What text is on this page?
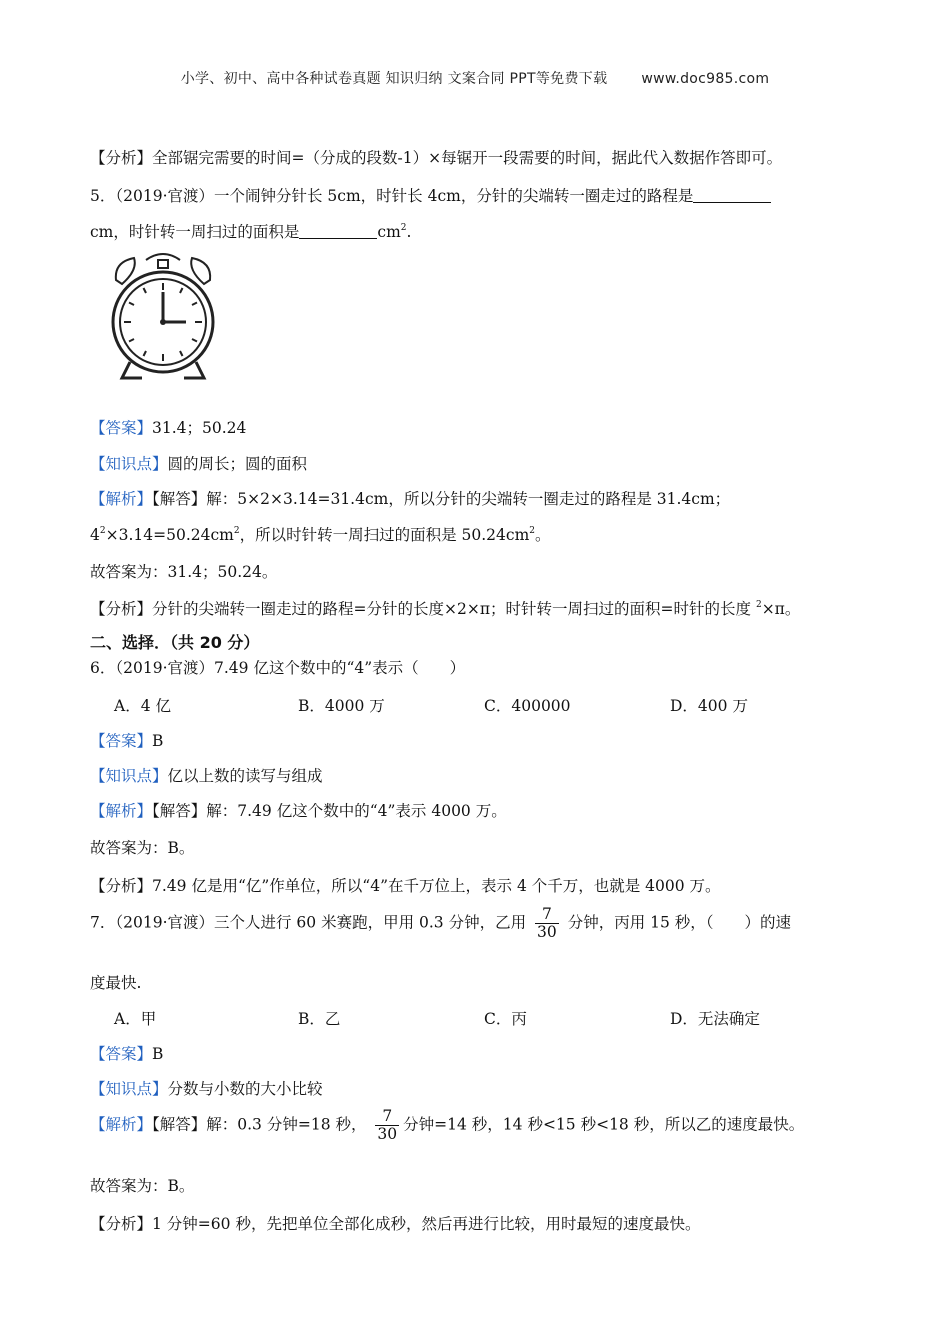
小学、初中、高中各种试卷真题 知识归纳 文案合同 PPT等免费下载 www.doc985.com
【分析】全部锯完需要的时间=（分成的段数-1）×每锯开一段需要的时间，据此代入数据作答即可。
5．（2019·官渡）一个闹钟分针长 5cm，时针长 4cm，分针的尖端转一圈走过的路程是
cm，时针转一周扫过的面积是	$cm^2$.
【答案】31.4；50.24
【知识点】圆的周长；圆的面积
【解析】【解答】解：5×2×3.14=31.4cm，所以分针的尖端转一圈走过的路程是 31.4cm；
$4^2\times 3.14=50.24cm^2$，所以时针转一周扫过的面积是 $50.24cm^2$。
故答案为：31.4；50.24。
【分析】分针的尖端转一圈走过的路程=分针的长度×2×π；时针转一周扫过的面积=时针的长度 $^2$×π。
二、选择．（共 20 分）
6．（2019·官渡）7.49 亿这个数中的“4”表示（　　）
A．4 亿	B．4000 万	C．400000	D．400 万
【答案】B
【知识点】亿以上数的读写与组成
【解析】【解答】解：7.49 亿这个数中的“4”表示 4000 万。
故答案为：B。
【分析】7.49 亿是用“亿”作单位，所以“4”在千万位上，表示 4 个千万，也就是 4000 万。
7．（2019·官渡）三个人进行 60 米赛跑，甲用 0.3 分钟，乙用 $\frac{7}{30}$ 分钟，丙用 15 秒，（　　）的速
度最快.
A．甲	B．乙	C．丙	D．无法确定
【答案】B
【知识点】分数与小数的大小比较
【解析】【解答】解：0.3 分钟=18 秒， $\frac{7}{30}$ 分钟=14 秒，14 秒<15 秒<18 秒，所以乙的速度最快。
故答案为：B。
【分析】1 分钟=60 秒，先把单位全部化成秒，然后再进行比较，用时最短的速度最快。
